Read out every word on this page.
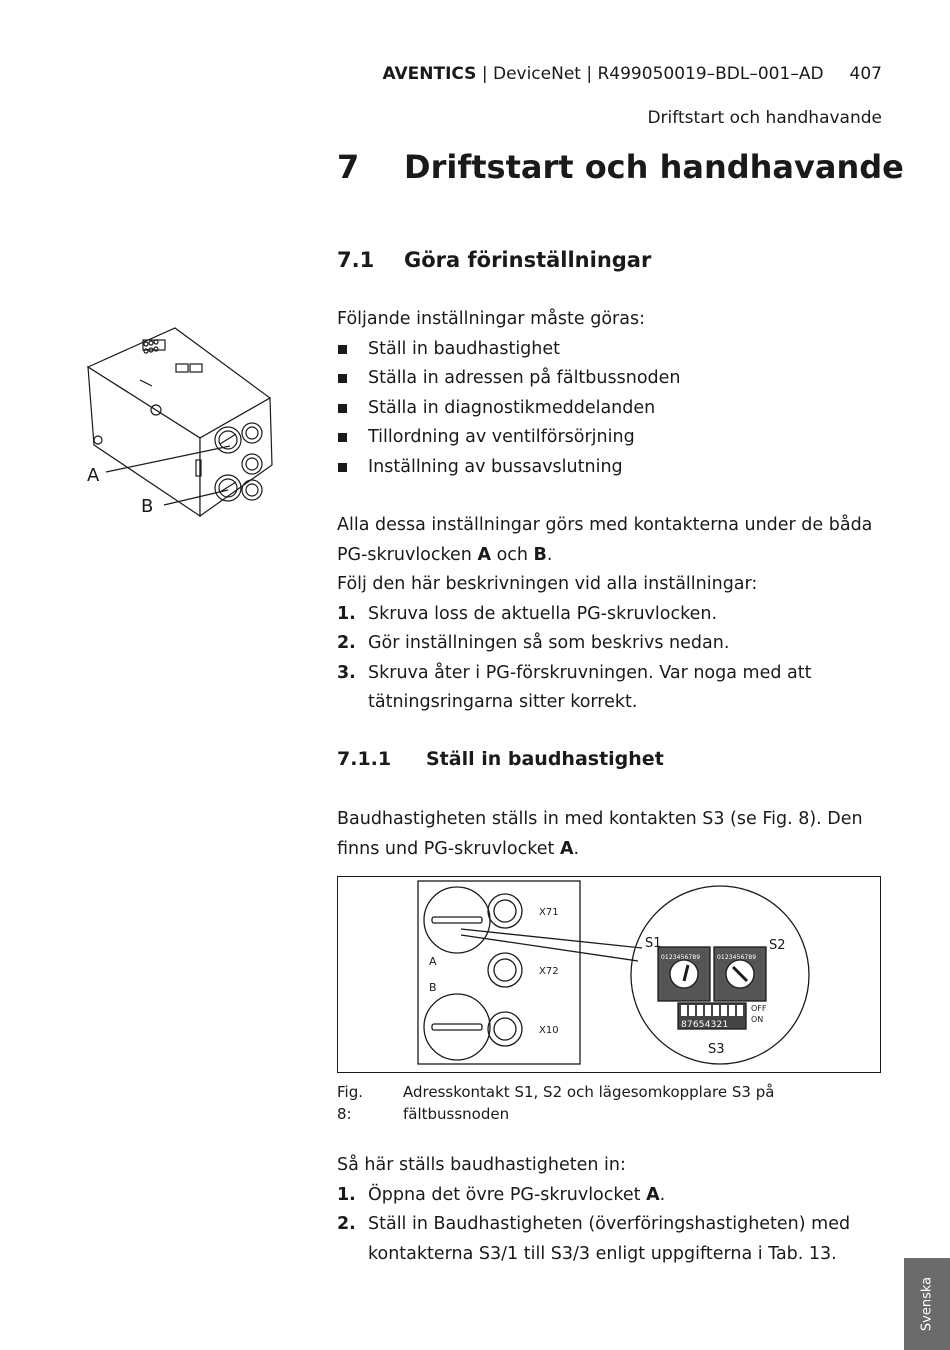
AVENTICS | DeviceNet | R499050019–BDL–001–AD 407
Driftstart och handhavande
7 Driftstart och handhavande
7.1 Göra förinställningar
Följande inställningar måste göras:
Ställ in baudhastighet
Ställa in adressen på fältbussnoden
Ställa in diagnostikmeddelanden
Tillordning av ventilförsörjning
Inställning av bussavslutning
Alla dessa inställningar görs med kontakterna under de båda PG-skruvlocken A och B.
Följ den här beskrivningen vid alla inställningar:
1. Skruva loss de aktuella PG-skruvlocken.
2. Gör inställningen så som beskrivs nedan.
3. Skruva åter i PG-förskruvningen. Var noga med att tätningsringarna sitter korrekt.
A
B
7.1.1 Ställ in baudhastighet
Baudhastigheten ställs in med kontakten S3 (se Fig. 8). Den finns und PG-skruvlocket A.
X71
X72
X10
A
B
S1	S2
S3
OFF
ON
87654321
0123456789	0123456789
Fig. 8:
Adresskontakt S1, S2 och lägesomkopplare S3 på fältbussnoden
Så här ställs baudhastigheten in:
1. Öppna det övre PG-skruvlocket A.
2. Ställ in Baudhastigheten (överföringshastigheten) med kontakterna S3/1 till S3/3 enligt uppgifterna i Tab. 13.
Svenska
